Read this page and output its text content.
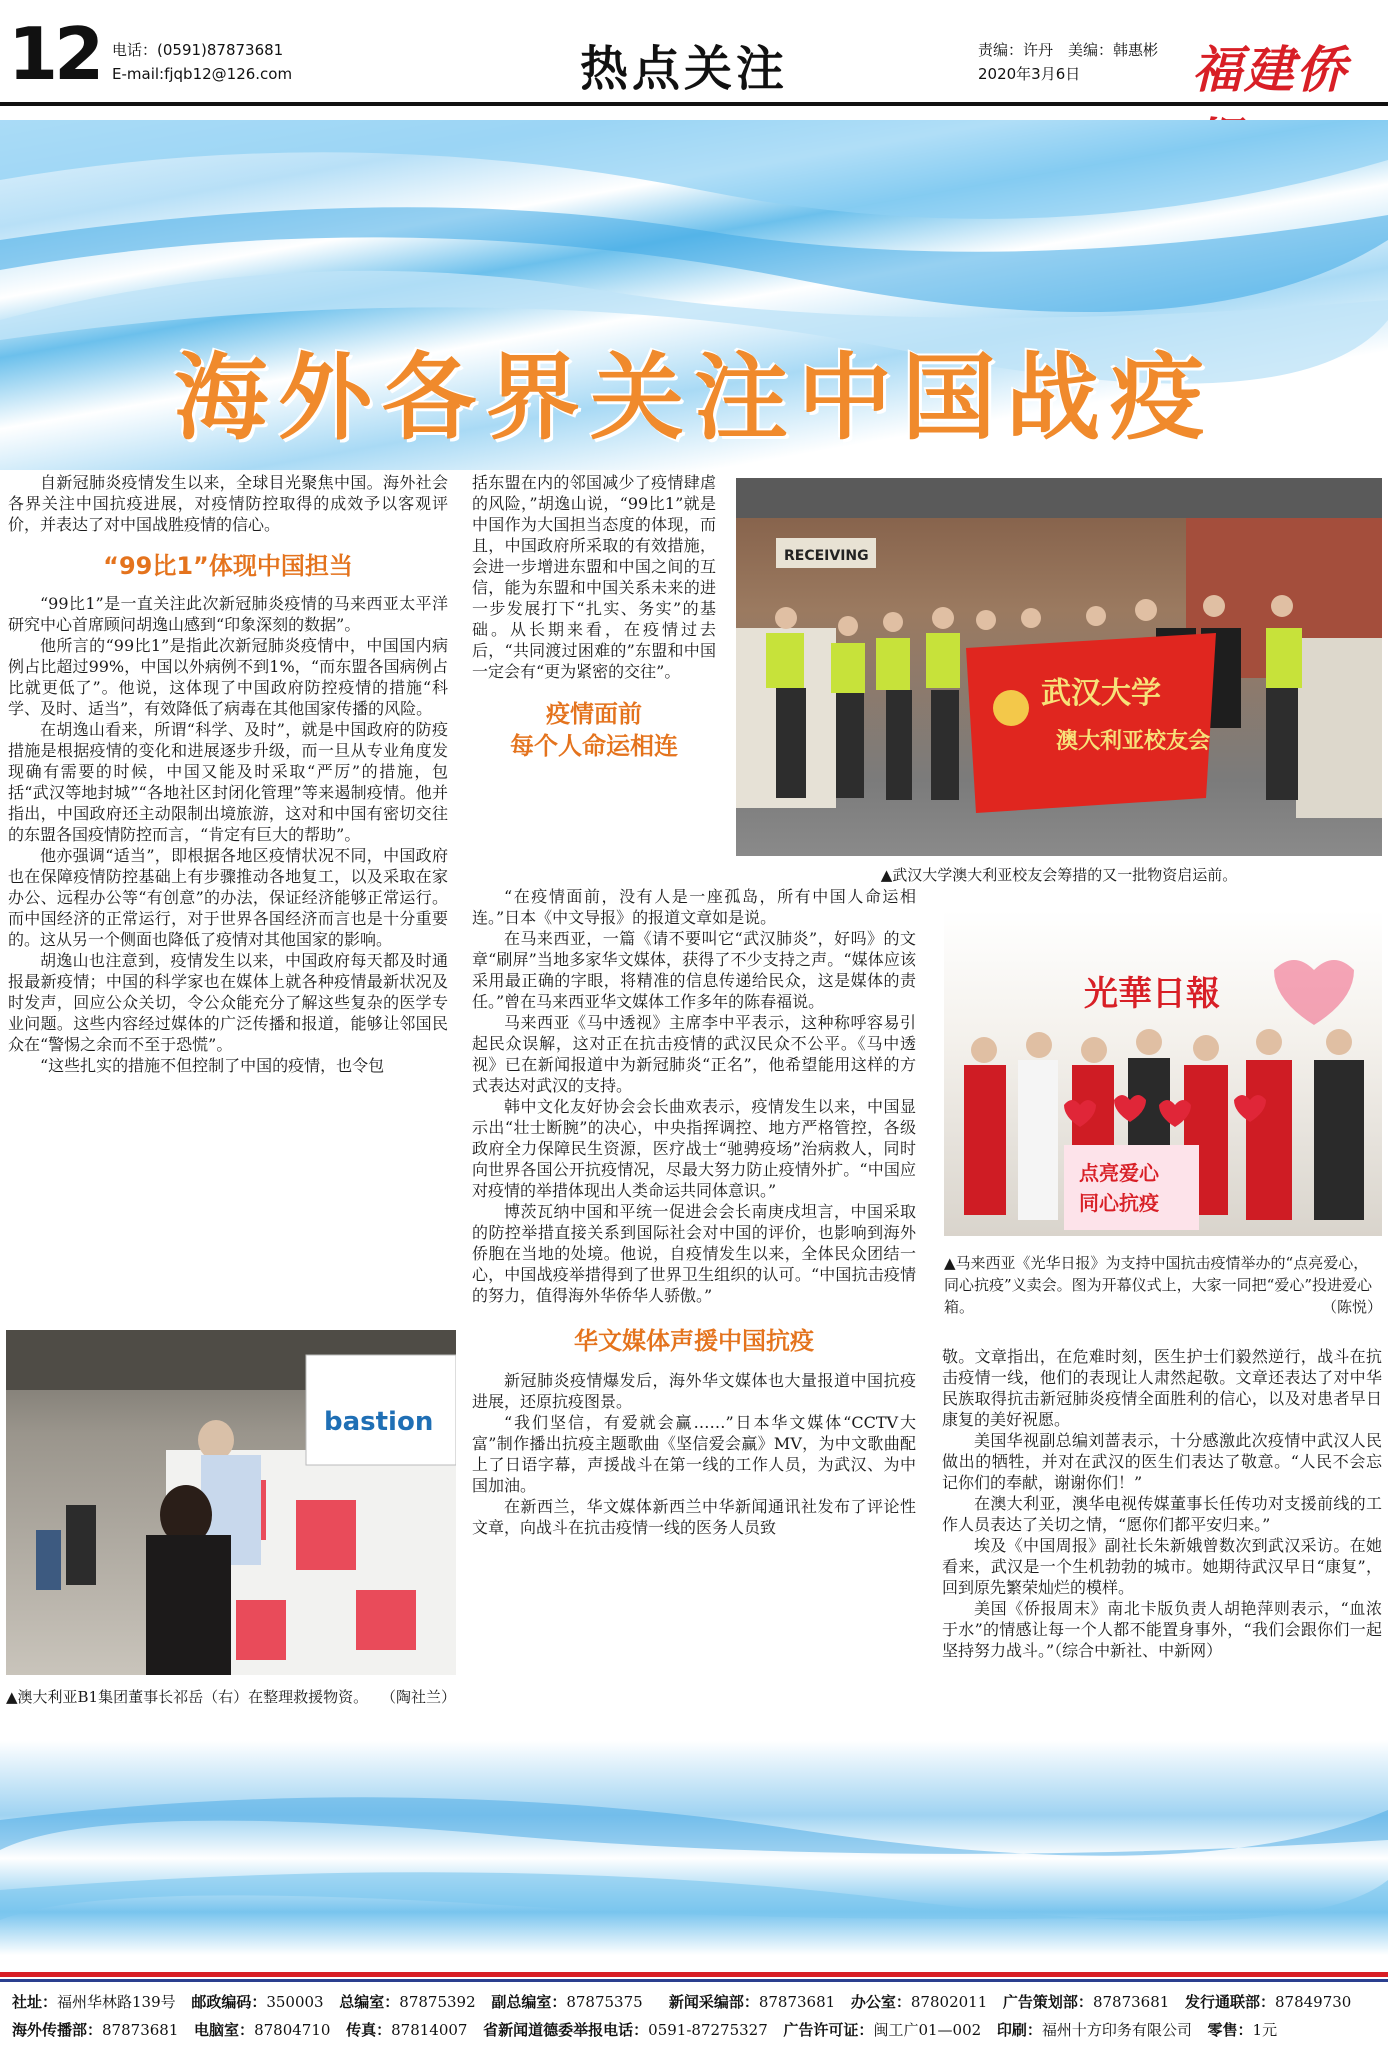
12 电话：(0591)87873681
E-mail:fjqb12@126.com	热点关注	责编：许丹　美编：韩惠彬
2020年3月6日	福建侨
海外各界关注中国战疫

自新冠肺炎疫情发生以来，全球目光聚焦中国。海外社会各界关注中国抗疫进展，对疫情防控取得的成效予以客观评价，并表达了对中国战胜疫情的信心。

“99比1”体现中国担当

“99比1”是一直关注此次新冠肺炎疫情的马来西亚太平洋研究中心首席顾问胡逸山感到“印象深刻的数据”。

他所言的“99比1”是指此次新冠肺炎疫情中，中国国内病例占比超过99%，中国以外病例不到1%，“而东盟各国病例占比就更低了”。他说，这体现了中国政府防控疫情的措施“科学、及时、适当”，有效降低了病毒在其他国家传播的风险。

在胡逸山看来，所谓“科学、及时”，就是中国政府的防疫措施是根据疫情的变化和进展逐步升级，而一旦从专业角度发现确有需要的时候，中国又能及时采取“严厉”的措施，包括“武汉等地封城”“各地社区封闭化管理”等来遏制疫情。他并指出，中国政府还主动限制出境旅游，这对和中国有密切交往的东盟各国疫情防控而言，“肯定有巨大的帮助”。

他亦强调“适当”，即根据各地区疫情状况不同，中国政府也在保障疫情防控基础上有步骤推动各地复工，以及采取在家办公、远程办公等“有创意”的办法，保证经济能够正常运行。而中国经济的正常运行，对于世界各国经济而言也是十分重要的。这从另一个侧面也降低了疫情对其他国家的影响。

胡逸山也注意到，疫情发生以来，中国政府每天都及时通报最新疫情；中国的科学家也在媒体上就各种疫情最新状况及时发声，回应公众关切，令公众能充分了解这些复杂的医学专业问题。这些内容经过媒体的广泛传播和报道，能够让邻国民众在“警惕之余而不至于恐慌”。

“这些扎实的措施不但控制了中国的疫情，也令包

bastion
▲澳大利亚B1集团董事长祁岳（右）在整理救援物资。 （陶社兰）

括东盟在内的邻国减少了疫情肆虐的风险，”胡逸山说，“99比1”就是中国作为大国担当态度的体现，而且，中国政府所采取的有效措施，会进一步增进东盟和中国之间的互信，能为东盟和中国关系未来的进一步发展打下“扎实、务实”的基础。从长期来看，在疫情过去后，“共同渡过困难的”东盟和中国一定会有“更为紧密的交往”。

疫情面前
每个人命运相连
RECEIVING
武汉大学
澳大利亚校友会
▲武汉大学澳大利亚校友会筹措的又一批物资启运前。

“在疫情面前，没有人是一座孤岛，所有中国人命运相连。”日本《中文导报》的报道文章如是说。

在马来西亚，一篇《请不要叫它“武汉肺炎”，好吗》的文章“刷屏”当地多家华文媒体，获得了不少支持之声。“媒体应该采用最正确的字眼，将精准的信息传递给民众，这是媒体的责任。”曾在马来西亚华文媒体工作多年的陈春福说。

马来西亚《马中透视》主席李中平表示，这种称呼容易引起民众误解，这对正在抗击疫情的武汉民众不公平。《马中透视》已在新闻报道中为新冠肺炎“正名”，他希望能用这样的方式表达对武汉的支持。

韩中文化友好协会会长曲欢表示，疫情发生以来，中国显示出“壮士断腕”的决心，中央指挥调控、地方严格管控，各级政府全力保障民生资源，医疗战士“驰骋疫场”治病救人，同时向世界各国公开抗疫情况，尽最大努力防止疫情外扩。“中国应对疫情的举措体现出人类命运共同体意识。”

博茨瓦纳中国和平统一促进会会长南庚戌坦言，中国采取的防控举措直接关系到国际社会对中国的评价，也影响到海外侨胞在当地的处境。他说，自疫情发生以来，全体民众团结一心，中国战疫举措得到了世界卫生组织的认可。“中国抗击疫情的努力，值得海外华侨华人骄傲。”

华文媒体声援中国抗疫

新冠肺炎疫情爆发后，海外华文媒体也大量报道中国抗疫进展，还原抗疫图景。

“我们坚信，有爱就会赢……”日本华文媒体“CCTV大富”制作播出抗疫主题歌曲《坚信爱会赢》MV，为中文歌曲配上了日语字幕，声援战斗在第一线的工作人员，为武汉、为中国加油。

在新西兰，华文媒体新西兰中华新闻通讯社发布了评论性文章，向战斗在抗击疫情一线的医务人员致

光華日報
点亮爱心
同心抗疫
▲马来西亚《光华日报》为支持中国抗击疫情举办的“点亮爱心，同心抗疫”义卖会。图为开幕仪式上，大家一同把“爱心”投进爱心箱。	（陈悦）

敬。文章指出，在危难时刻，医生护士们毅然逆行，战斗在抗击疫情一线，他们的表现让人肃然起敬。文章还表达了对中华民族取得抗击新冠肺炎疫情全面胜利的信心，以及对患者早日康复的美好祝愿。

美国华视副总编刘蔷表示，十分感激此次疫情中武汉人民做出的牺牲，并对在武汉的医生们表达了敬意。“人民不会忘记你们的奉献，谢谢你们！”

在澳大利亚，澳华电视传媒董事长任传功对支援前线的工作人员表达了关切之情，“愿你们都平安归来。”

埃及《中国周报》副社长朱新娥曾数次到武汉采访。在她看来，武汉是一个生机勃勃的城市。她期待武汉早日“康复”，回到原先繁荣灿烂的模样。

美国《侨报周末》南北卡版负责人胡艳萍则表示，“血浓于水”的情感让每一个人都不能置身事外，“我们会跟你们一起坚持努力战斗。”（综合中新社、中新网）

社址：福州华林路139号 邮政编码：350003 总编室：87875392 副总编室：87875375 新闻采编部：87873681 办公室：87802011 广告策划部：87873681 发行通联部：87849730
海外传播部：87873681 电脑室：87804710 传真：87814007 省新闻道德委举报电话：0591-87275327 广告许可证：闽工广01—002 印刷：福州十方印务有限公司 零售：1元
